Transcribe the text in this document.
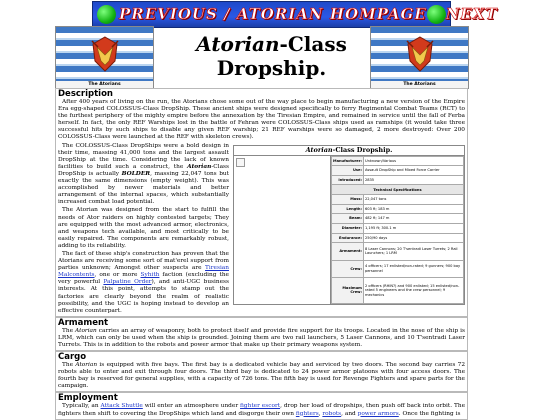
PREVIOUS / ATORIAN HOMPAGE NEXT
The Atorians	The Atorians
Atorian-Class
Dropship.
Description

After 400 years of living on the run, the Atorians chose some out of the way place to begin manufacturing a new version of the Empire Era egg-shaped COLOSSUS-Class DropShip. These ancient ships were designed specifically to ferry Regimental Combat Teams (RCT) to the furthest periphery of the mighty empire before the annexation by the Tiresian Empire, and remained in service until the fall of Ferba herself. In fact, the only REF Warships lost in the battle of Fehran were COLOSSUS-Class ships used as ramships (it would take three successful hits by such ships to disable any given REF warship; 21 REF warships were so damaged, 2 more destroyed: Over 200 COLOSSUS-Class were launched at the REF with skeleton crews).

Atorian-Class Dropship.
Manufacturer:	Unknown/Various
Use:	Assault DropShip and Mixed Force Carrier
Introduced:	2835
Technical Specifications	
Mass:	22,047 tons
Length:	603 ft; 183 m
Beam:	482 ft; 147 m
Diameter:	1,195 ft; 300.1 m
Endurance:	250/90 days
Armament:	8 Laser Cannons; 20 T'sentradi Laser Turrets; 2 Rail Launchers; 1 LRM
Crew:	4 officers; 17 enlisted/non-rated; 9 gunners; 900 bay personnel
Maximum Crew:	2 officers (RHIN?) and 900 enlisted; 15 enlisted/non-rated 5 engineers and the crew personnel; 9 mechanics

The COLOSSUS-Class DropShips were a bold design in their time, massing 41,000 tons and the largest assault DropShip at the time. Considering the lack of known facilities to build such a construct, the Atorian-Class DropShip is actually BOLDER, massing 22,047 tons but exactly the same dimensions (empty weight). This was accomplished by newer materials and better arrangement of the internal spaces, which substantially increased combat load potential.

The Atorian was designed from the start to fulfill the needs of Ator raiders on highly contested targets; They are equipped with the most advanced armor, electronics, and weapons tech available, and most critically to be easily repaired. The components are remarkably robust, adding to its reliability.

The fact of these ship's construction has proven that the Atorians are receiving some sort of mat'erel support from parties unknown; Amongst other suspects are Tiresian Malcontents, one or more Syhith faction (excluding the very powerful Palpatine Order), and anti-UGC business interests. At this point, attempts to stamp out the factories are clearly beyond the realm of realistic possibility, and the UGC is hoping instead to develop an effective counterpart.

Armament

The Atorian carries an array of weaponry, both to protect itself and provide fire support for its troops. Located in the nose of the ship is LRM, which can only be used when the ship is grounded. Joining them are two rail launchers, 5 Laser Cannons, and 10 T'sentradi Laser Turrets. This is in addition to the robots and power armor that make up their primary weapons system.

Cargo

The Atorian is equipped with five bays. The first bay is a dedicated vehicle bay and serviced by two doors. The second bay carries 72 robots able to enter and exit through four doors. The third bay is dedicated to 24 power armor platoons with four access doors. The fourth bay is reserved for general supplies, with a capacity of 726 tons. The fifth bay is used for Revenge Fighters and spare parts for the campaign.

Employment

Typically, an Attack Shuttle will enter an atmosphere under fighter escort, drop her load of dropships, then push off back into orbit. The fighters then shift to covering the DropShips which land and disgorge their own fighters, robots, and power armors. Once the fighting is
